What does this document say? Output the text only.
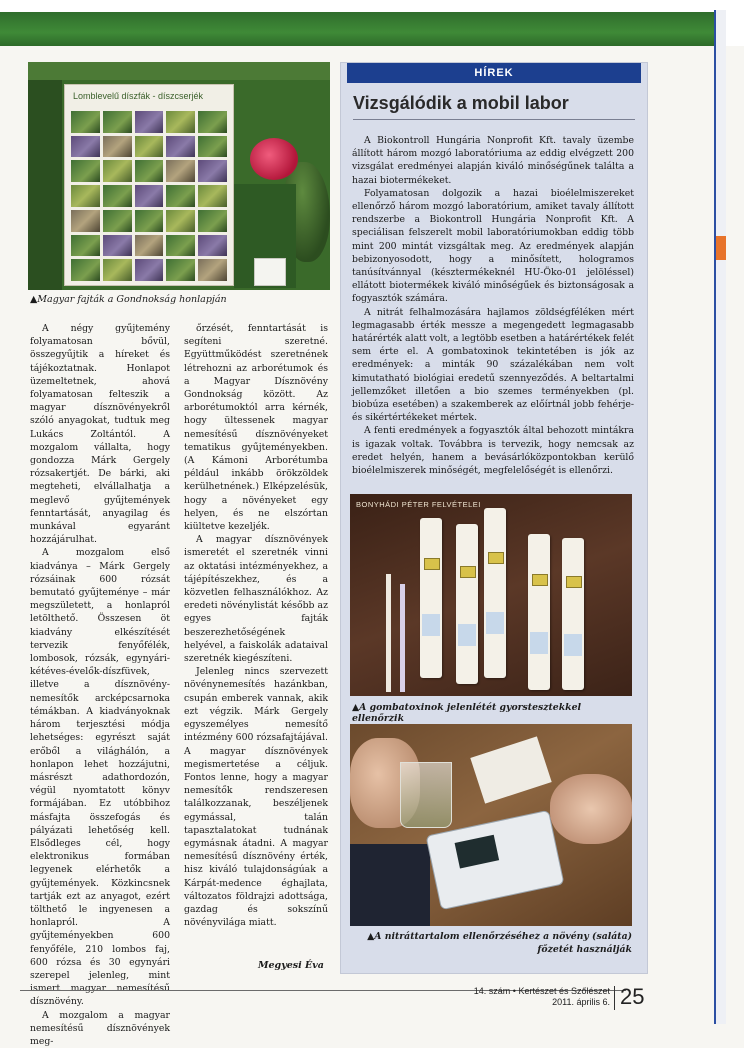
Lomblevelű díszfák - díszcserjék
▲Magyar fajták a Gondnokság honlapján

A négy gyűjtemény folyamatosan bővül, összegyűjtik a híreket és tájékoztatnak. Honlapot üzemeltetnek, ahová folyamatosan felteszik a magyar dísznövényekről szóló anyagokat, tudtuk meg Lukács Zoltántól. A mozgalom vállalta, hogy gondozza Márk Gergely rózsakertjét. De bárki, aki megteheti, elvállalhatja a meglevő gyűjtemények fenntartását, anyagilag és munkával egyaránt hozzájárulhat.

A mozgalom első kiadványa – Márk Gergely rózsáinak 600 rózsát bemutató gyűjteménye – már megszületett, a honlapról letölthető. Összesen öt kiadvány elkészítését tervezik fenyőfélék, lombosok, rózsák, egynyári-kétéves-évelők-díszfüvek, illetve a dísznövény-nemesítők arcképcsarnoka témákban. A kiadványoknak három terjesztési módja lehetséges: egyrészt saját erőből a világhálón, a honlapon lehet hozzájutni, másrészt adathordozón, végül nyomtatott könyv formájában. Ez utóbbihoz másfajta összefogás és pályázati lehetőség kell. Elsődleges cél, hogy elektronikus formában legyenek elérhetők a gyűjtemények. Közkincsnek tartják ezt az anyagot, ezért tölthető le ingyenesen a honlapról. A gyűjteményekben 600 fenyőféle, 210 lombos faj, 600 rózsa és 30 egynyári szerepel jelenleg, mint ismert magyar nemesítésű dísznövény.

A mozgalom a magyar nemesítésű dísznövények meg-

őrzését, fenntartását is segíteni szeretné. Együttműködést szeretnének létrehozni az arborétumok és a Magyar Dísznövény Gondnokság között. Az arborétumoktól arra kérnék, hogy ültessenek magyar nemesítésű dísznövényeket tematikus gyűjteményekben. (A Kámoni Arborétumba például inkább örökzöldek kerülhetnének.) Elképzelésük, hogy a növényeket egy helyen, és ne elszórtan kiültetve kezeljék.

A magyar dísznövények ismeretét el szeretnék vinni az oktatási intézményekhez, a tájépítészekhez, és a közvetlen felhasználókhoz. Az eredeti növénylistát később az egyes fajták beszerezhetőségének helyével, a faiskolák adataival szeretnék kiegészíteni.

Jelenleg nincs szervezett növénynemesítés hazánkban, csupán emberek vannak, akik ezt végzik. Márk Gergely egyszemélyes nemesítő intézmény 600 rózsafajtájával. A magyar dísznövények megismertetése a céljuk. Fontos lenne, hogy a magyar nemesítők rendszeresen találkozzanak, beszéljenek egymással, talán tapasztalatokat tudnának egymásnak átadni. A magyar nemesítésű dísznövény érték, hisz kiváló tulajdonságúak a Kárpát-medence éghajlata, változatos földrajzi adottsága, gazdag és sokszínű növényvilága miatt.

Megyesi Éva
HÍREK
Vizsgálódik a mobil labor

A Biokontroll Hungária Nonprofit Kft. tavaly üzembe állított három mozgó laboratóriuma az eddig elvégzett 200 vizsgálat eredményei alapján kiváló minőségűnek találta a hazai biotermékeket.

Folyamatosan dolgozik a hazai bioélelmiszereket ellenőrző három mozgó laboratórium, amiket tavaly állított rendszerbe a Biokontroll Hungária Nonprofit Kft. A speciálisan felszerelt mobil laboratóriumokban eddig több mint 200 mintát vizsgáltak meg. Az eredmények alapján bebizonyosodott, hogy a minősített, hologramos tanúsítvánnyal (késztermékeknél HU-Öko-01 jelöléssel) ellátott biotermékek kiváló minőségűek és biztonságosak a fogyasztók számára.

A nitrát felhalmozására hajlamos zöldségféléken mért legmagasabb érték messze a megengedett legmagasabb határérték alatt volt, a legtöbb esetben a határértékek felét sem érte el. A gombatoxinok tekintetében is jók az eredmények: a minták 90 százalékában nem volt kimutatható biológiai eredetű szennyeződés. A beltartalmi jellemzőket illetően a bio szemes terményekben (pl. biobúza esetében) a szakemberek az előírtnál jobb fehérje- és sikértértékeket mértek.

A fenti eredmények a fogyasztók által behozott mintákra is igazak voltak. Továbbra is tervezik, hogy nemcsak az eredet helyén, hanem a bevásárlóközpontokban kerülő bioélelmiszerek minőségét, megfelelőségét is ellenőrzi.

BONYHÁDI PÉTER FELVÉTELEI
▲A gombatoxinok jelenlétét gyorstesztekkel ellenőrzik
▲A nitráttartalom ellenőrzéséhez a növény (saláta) főzetét használják
14. szám • Kertészet és Szőlészet
2011. április 6. 25
